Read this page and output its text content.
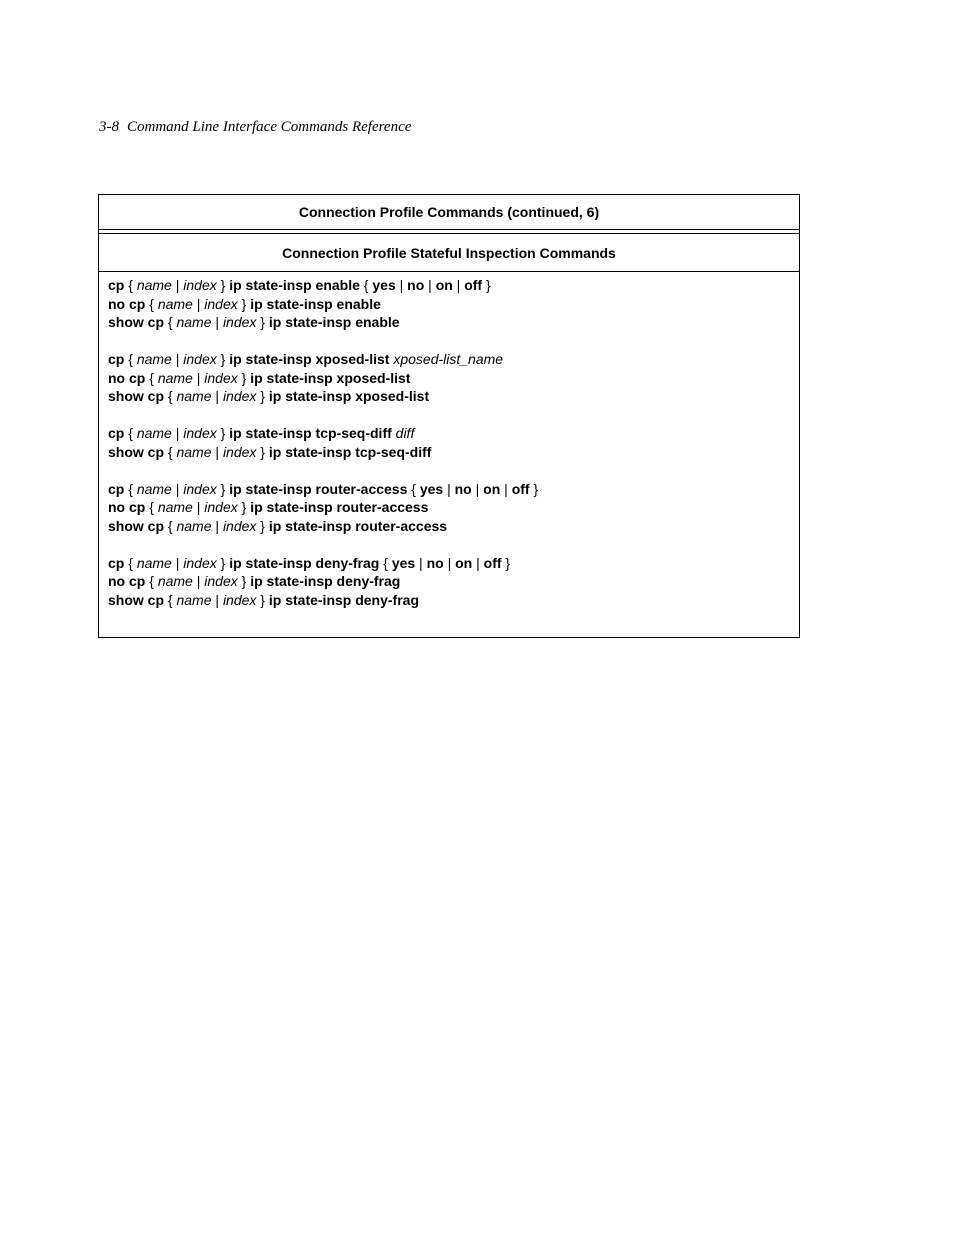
3-8 Command Line Interface Commands Reference
Connection Profile Commands (continued, 6)
Connection Profile Stateful Inspection Commands
cp { name | index } ip state-insp enable { yes | no | on | off }
no cp { name | index } ip state-insp enable
show cp { name | index } ip state-insp enable
cp { name | index } ip state-insp xposed-list xposed-list_name
no cp { name | index } ip state-insp xposed-list
show cp { name | index } ip state-insp xposed-list
cp { name | index } ip state-insp tcp-seq-diff diff
show cp { name | index } ip state-insp tcp-seq-diff
cp { name | index } ip state-insp router-access { yes | no | on | off }
no cp { name | index } ip state-insp router-access
show cp { name | index } ip state-insp router-access
cp { name | index } ip state-insp deny-frag { yes | no | on | off }
no cp { name | index } ip state-insp deny-frag
show cp { name | index } ip state-insp deny-frag
